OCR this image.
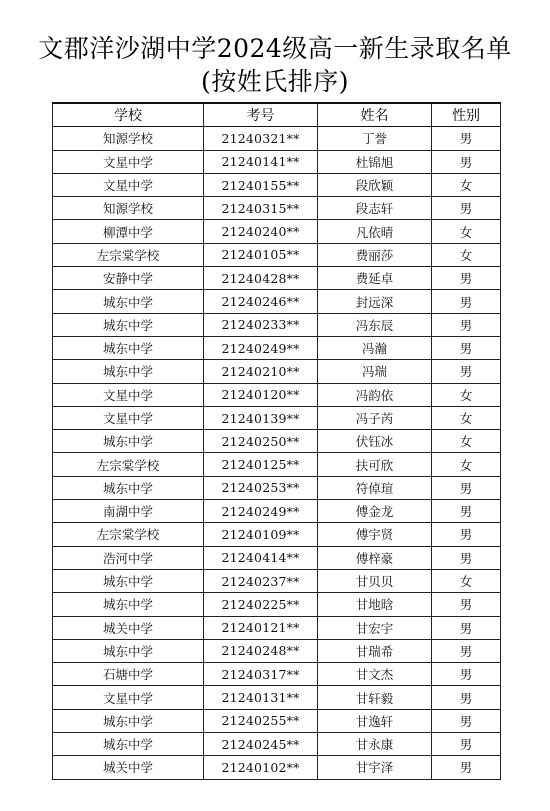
文郡洋沙湖中学2024级高一新生录取名单
(按姓氏排序)
学校	考号	姓名	性别
知源学校	21240321**	丁誉	男
文星中学	21240141**	杜锦旭	男
文星中学	21240155**	段欣颖	女
知源学校	21240315**	段志轩	男
柳潭中学	21240240**	凡依晴	女
左宗棠学校	21240105**	费丽莎	女
安静中学	21240428**	费延卓	男
城东中学	21240246**	封远深	男
城东中学	21240233**	冯东辰	男
城东中学	21240249**	冯瀚	男
城东中学	21240210**	冯瑞	男
文星中学	21240120**	冯韵依	女
文星中学	21240139**	冯子芮	女
城东中学	21240250**	伏钰冰	女
左宗棠学校	21240125**	扶可欣	女
城东中学	21240253**	符倬瑄	男
南湖中学	21240249**	傅金龙	男
左宗棠学校	21240109**	傅宇贤	男
浩河中学	21240414**	傅梓豪	男
城东中学	21240237**	甘贝贝	女
城东中学	21240225**	甘地晗	男
城关中学	21240121**	甘宏宇	男
城东中学	21240248**	甘瑞希	男
石塘中学	21240317**	甘文杰	男
文星中学	21240131**	甘轩毅	男
城东中学	21240255**	甘逸轩	男
城东中学	21240245**	甘永康	男
城关中学	21240102**	甘宇泽	男
